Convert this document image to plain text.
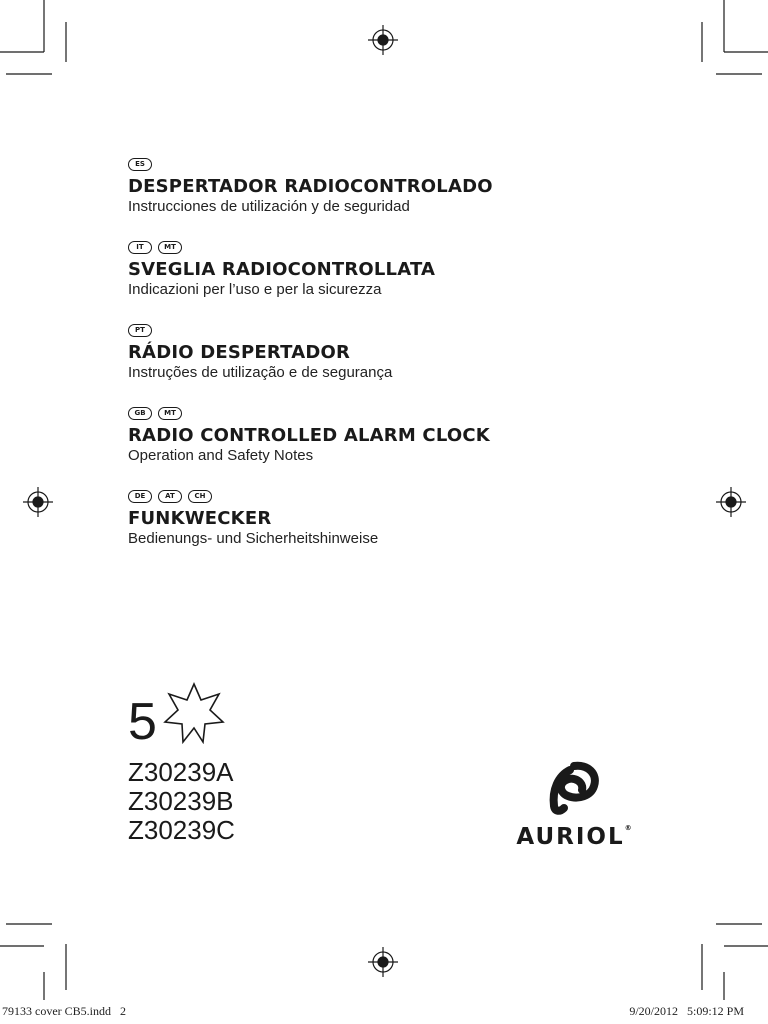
ES
DESPERTADOR RADIOCONTROLADO
Instrucciones de utilización y de seguridad
IT	MT
SVEGLIA RADIOCONTROLLATA
Indicazioni per l’uso e per la sicurezza
PT
RÁDIO DESPERTADOR
Instruções de utilização e de segurança
GB	MT
RADIO CONTROLLED ALARM CLOCK
Operation and Safety Notes
DE	AT	CH
FUNKWECKER
Bedienungs- und Sicherheitshinweise
5
Z30239A
Z30239B
Z30239C	AURIOL®
79133 cover CB5.indd   2	9/20/2012   5:09:12 PM
